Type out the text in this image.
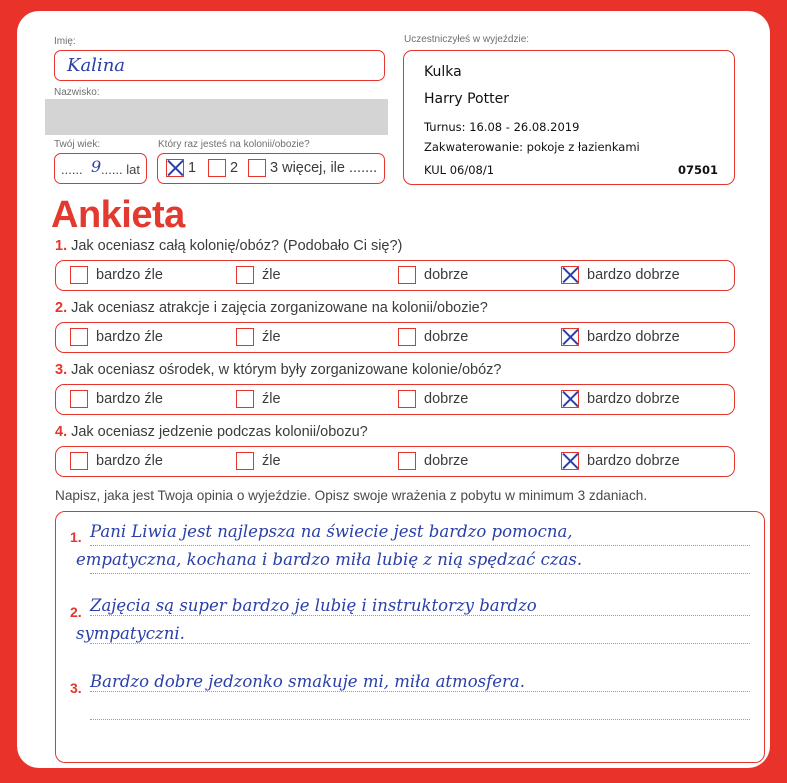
Imię:
Kalina
Nazwisko:
Twój wiek:
...... 9 ...... lat
Który raz jesteś na kolonii/obozie?
1 2 3 więcej, ile .......
Uczestniczyłeś w wyjeździe:
Kulka
Harry Potter
Turnus: 16.08 - 26.08.2019
Zakwaterowanie: pokoje z łazienkami
KUL 06/08/1	07501
Ankieta
1. Jak oceniasz całą kolonię/obóz? (Podobało Ci się?)
bardzo źle	źle	dobrze	bardzo dobrze
2. Jak oceniasz atrakcje i zajęcia zorganizowane na kolonii/obozie?
bardzo źle	źle	dobrze	bardzo dobrze
3. Jak oceniasz ośrodek, w którym były zorganizowane kolonie/obóz?
bardzo źle	źle	dobrze	bardzo dobrze
4. Jak oceniasz jedzenie podczas kolonii/obozu?
bardzo źle	źle	dobrze	bardzo dobrze
Napisz, jaka jest Twoja opinia o wyjeździe. Opisz swoje wrażenia z pobytu w minimum 3 zdaniach.
1. Pani Liwia jest najlepsza na świecie jest bardzo pomocna,
empatyczna, kochana i bardzo miła lubię z nią spędzać czas.
2. Zajęcia są super bardzo je lubię i instruktorzy bardzo
sympatyczni.
3. Bardzo dobre jedzonko smakuje mi, miła atmosfera.
